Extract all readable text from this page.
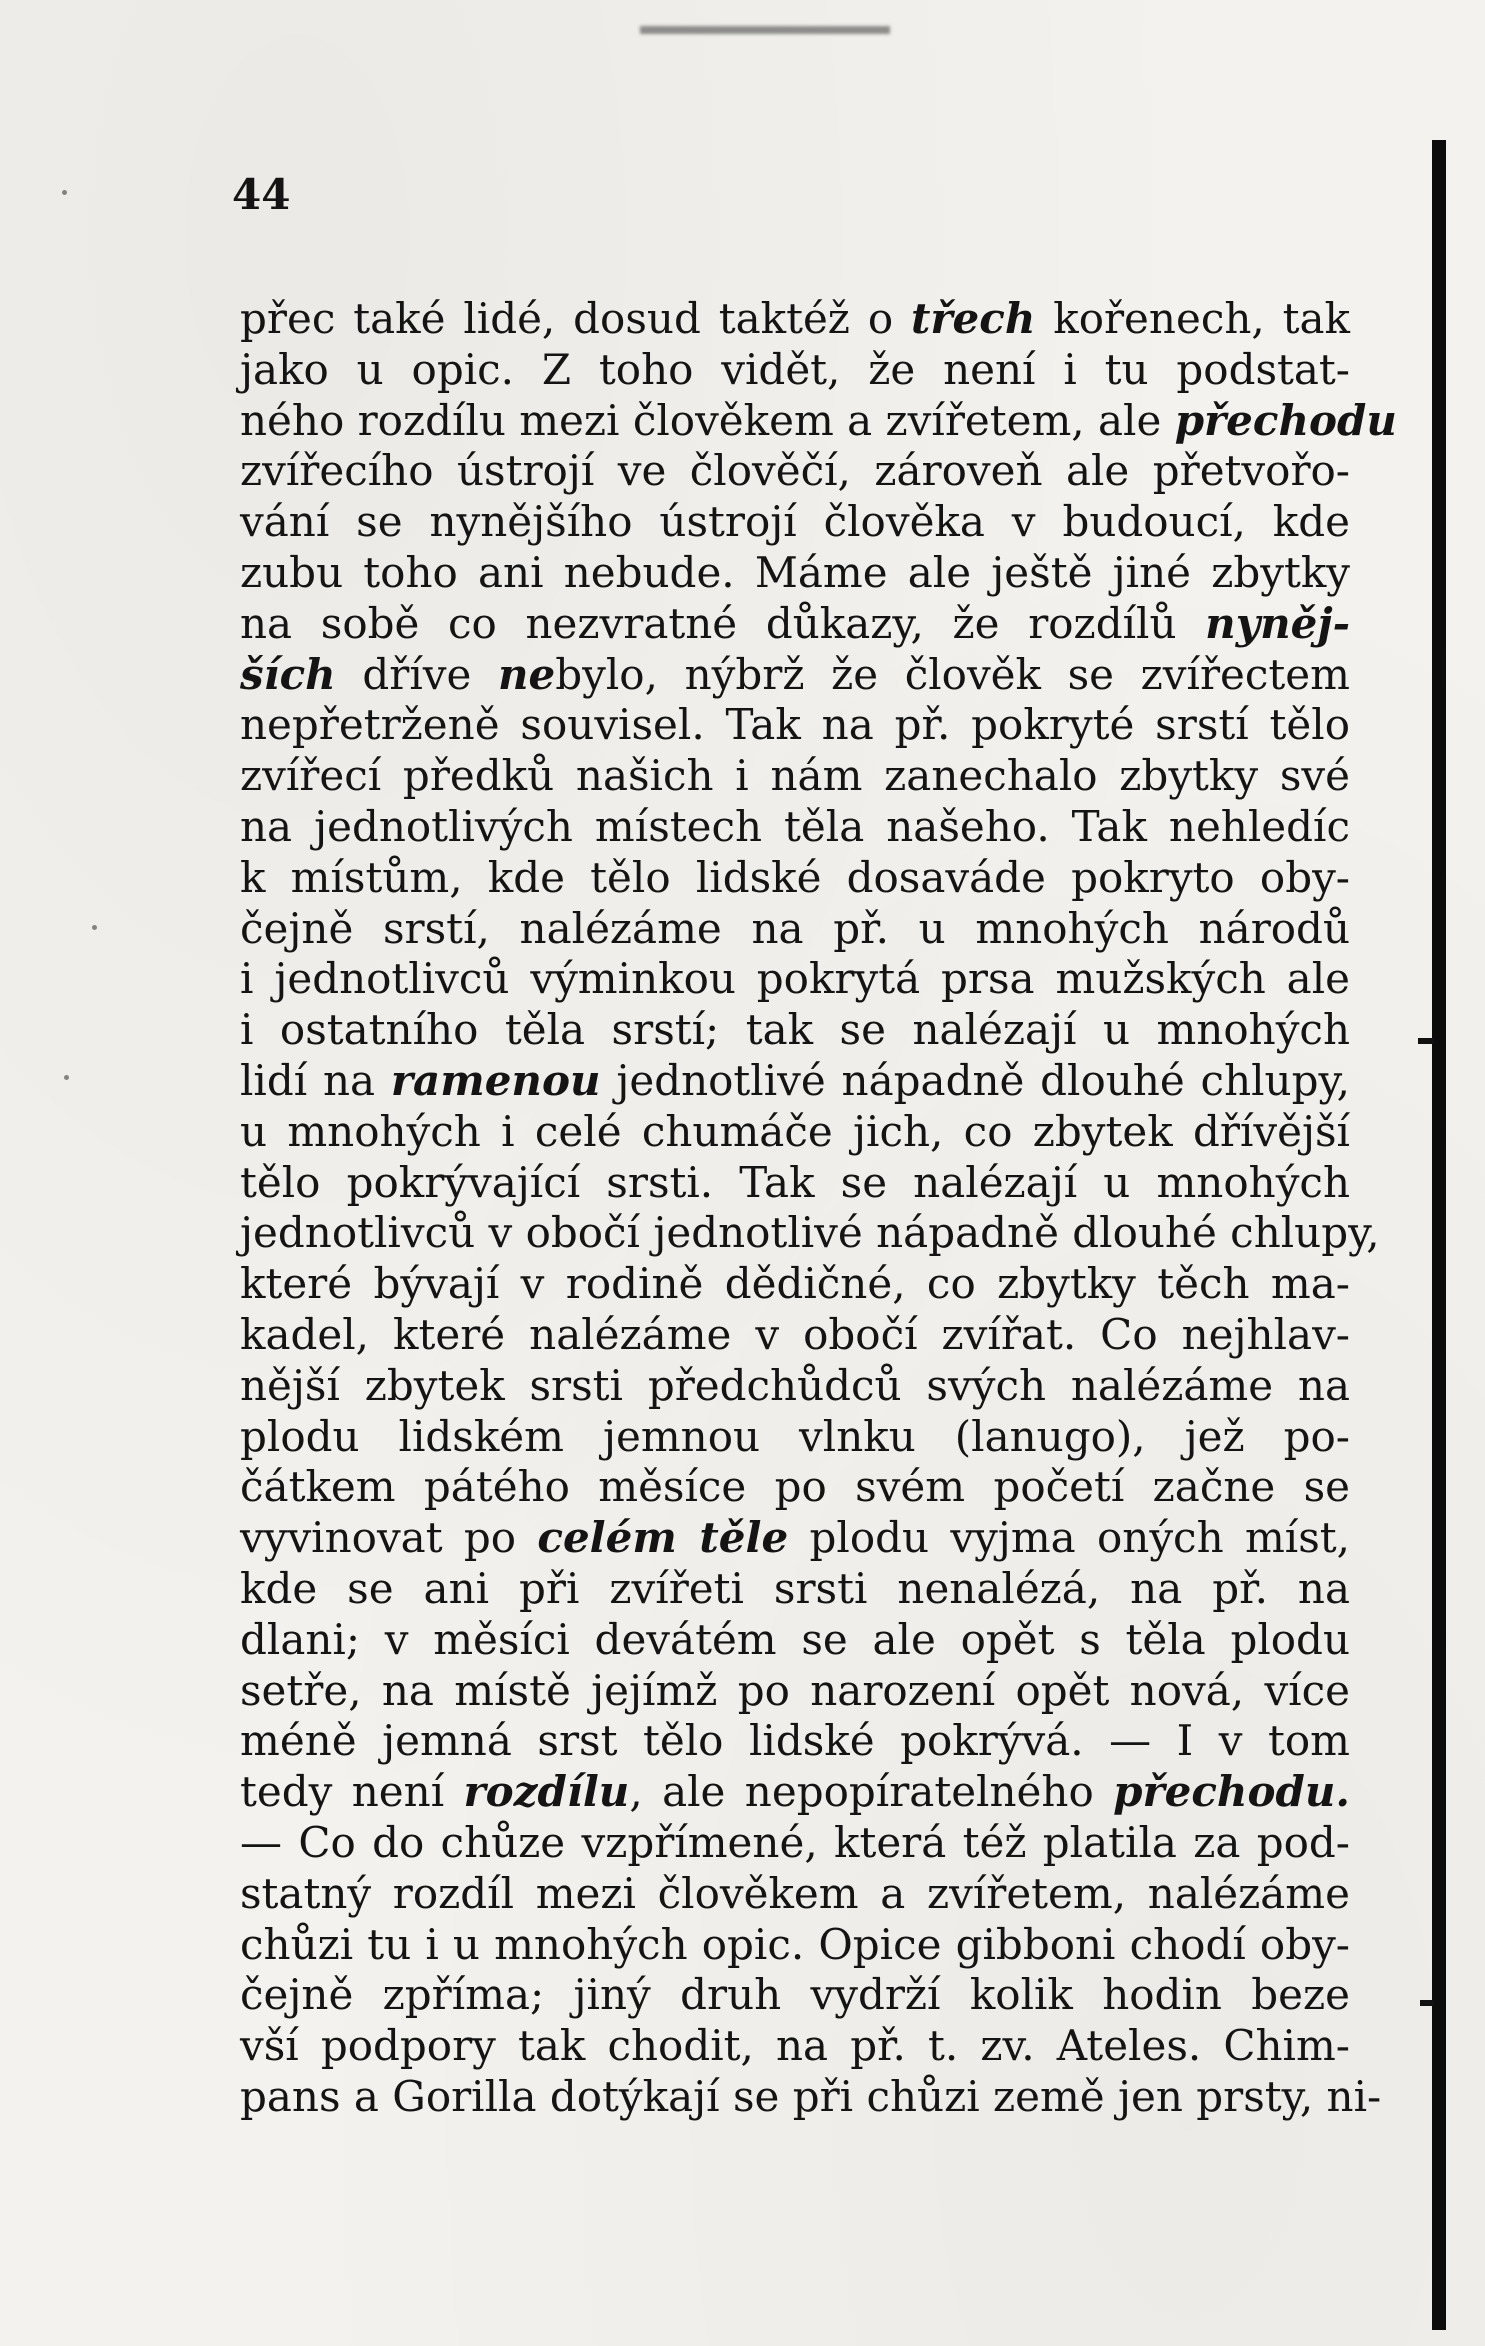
44

přec také lidé, dosud taktéž o třech kořenech, tak
jako u opic. Z toho vidět, že není i tu podstat-
ného rozdílu mezi člověkem a zvířetem, ale přechodu
zvířecího ústrojí ve člověčí, zároveň ale přetvořo-
vání se nynějšího ústrojí člověka v budoucí, kde
zubu toho ani nebude. Máme ale ještě jiné zbytky
na sobě co nezvratné důkazy, že rozdílů nyněj-
ších dříve nebylo, nýbrž že člověk se zvířectem
nepřetrženě souvisel. Tak na př. pokryté srstí tělo
zvířecí předků našich i nám zanechalo zbytky své
na jednotlivých místech těla našeho. Tak nehledíc
k místům, kde tělo lidské dosaváde pokryto oby-
čejně srstí, nalézáme na př. u mnohých národů
i jednotlivců výminkou pokrytá prsa mužských ale
i ostatního těla srstí; tak se nalézají u mnohých
lidí na ramenou jednotlivé nápadně dlouhé chlupy,
u mnohých i celé chumáče jich, co zbytek dřívější
tělo pokrývající srsti. Tak se nalézají u mnohých
jednotlivců v obočí jednotlivé nápadně dlouhé chlupy,
které bývají v rodině dědičné, co zbytky těch ma-
kadel, které nalézáme v obočí zvířat. Co nejhlav-
nější zbytek srsti předchůdců svých nalézáme na
plodu lidském jemnou vlnku (lanugo), jež po-
čátkem pátého měsíce po svém početí začne se
vyvinovat po celém těle plodu vyjma oných míst,
kde se ani při zvířeti srsti nenalézá, na př. na
dlani; v měsíci devátém se ale opět s těla plodu
setře, na místě jejímž po narození opět nová, více
méně jemná srst tělo lidské pokrývá. — I v tom
tedy není rozdílu, ale nepopíratelného přechodu.
— Co do chůze vzpřímené, která též platila za pod-
statný rozdíl mezi člověkem a zvířetem, nalézáme
chůzi tu i u mnohých opic. Opice gibboni chodí oby-
čejně zpříma; jiný druh vydrží kolik hodin beze
vší podpory tak chodit, na př. t. zv. Ateles. Chim-
pans a Gorilla dotýkají se při chůzi země jen prsty, ni-
